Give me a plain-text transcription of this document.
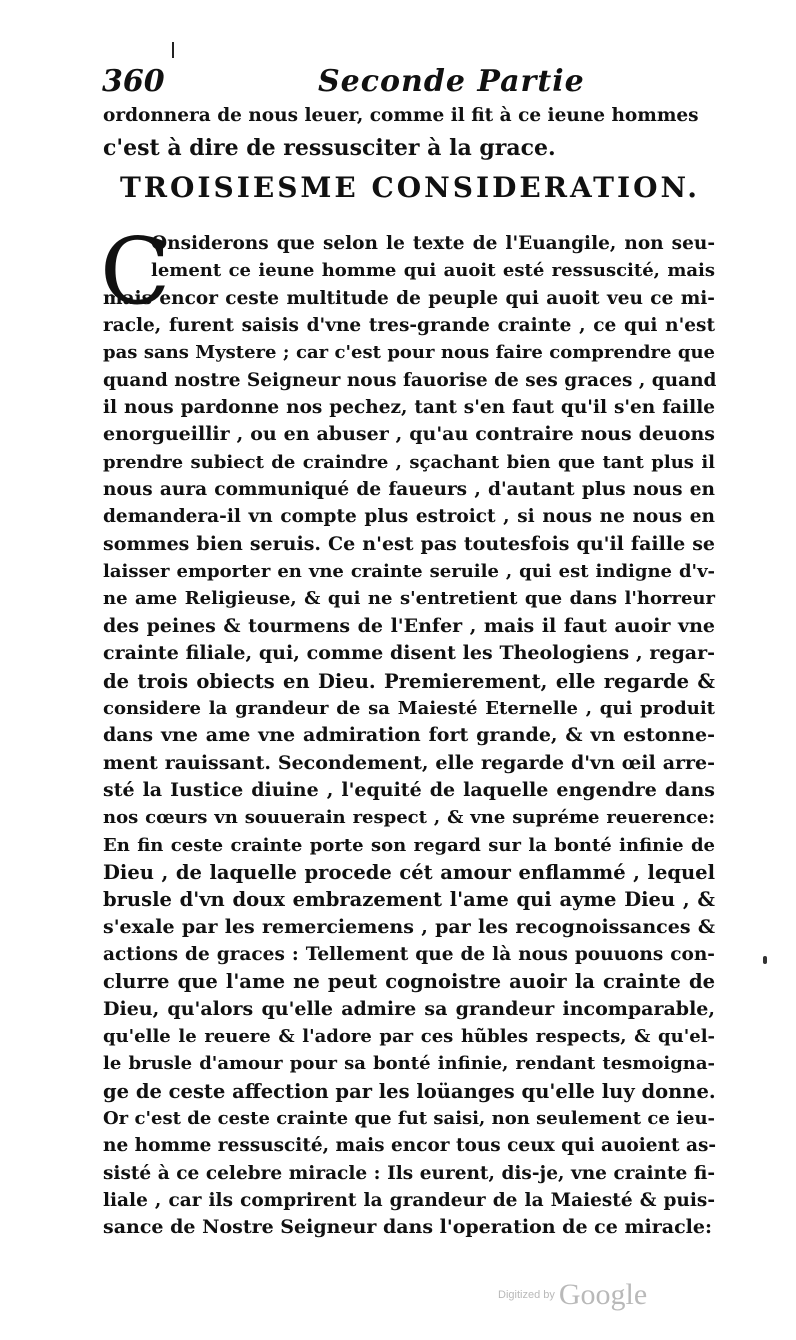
360	Seconde Partie
ordonnera de nous leuer, comme il fit à ce ieune hommes
c'est à dire de ressusciter à la grace.
TROISIESME CONSIDERATION.
C
Onsiderons que selon le texte de l'Euangile, non seu-
lement ce ieune homme qui auoit esté ressuscité, mais
mais encor ceste multitude de peuple qui auoit veu ce mi-
racle, furent saisis d'vne tres-grande crainte , ce qui n'est
pas sans Mystere ; car c'est pour nous faire comprendre que
quand nostre Seigneur nous fauorise de ses graces , quand
il nous pardonne nos pechez, tant s'en faut qu'il s'en faille
enorgueillir , ou en abuser , qu'au contraire nous deuons
prendre subiect de craindre , sçachant bien que tant plus il
nous aura communiqué de faueurs , d'autant plus nous en
demandera-il vn compte plus estroict , si nous ne nous en
sommes bien seruis. Ce n'est pas toutesfois qu'il faille se
laisser emporter en vne crainte seruile , qui est indigne d'v-
ne ame Religieuse, & qui ne s'entretient que dans l'horreur
des peines & tourmens de l'Enfer , mais il faut auoir vne
crainte filiale, qui, comme disent les Theologiens , regar-
de trois obiects en Dieu. Premierement, elle regarde &
considere la grandeur de sa Maiesté Eternelle , qui produit
dans vne ame vne admiration fort grande, & vn estonne-
ment rauissant. Secondement, elle regarde d'vn œil arre-
sté la Iustice diuine , l'equité de laquelle engendre dans
nos cœurs vn souuerain respect , & vne supréme reuerence:
En fin ceste crainte porte son regard sur la bonté infinie de
Dieu , de laquelle procede cét amour enflammé , lequel
brusle d'vn doux embrazement l'ame qui ayme Dieu , &
s'exale par les remerciemens , par les recognoissances &
actions de graces : Tellement que de là nous pouuons con-
clurre que l'ame ne peut cognoistre auoir la crainte de
Dieu, qu'alors qu'elle admire sa grandeur incomparable,
qu'elle le reuere & l'adore par ces hũbles respects, & qu'el-
le brusle d'amour pour sa bonté infinie, rendant tesmoigna-
ge de ceste affection par les loüanges qu'elle luy donne.
Or c'est de ceste crainte que fut saisi, non seulement ce ieu-
ne homme ressuscité, mais encor tous ceux qui auoient as-
sisté à ce celebre miracle : Ils eurent, dis-je, vne crainte fi-
liale , car ils comprirent la grandeur de la Maiesté & puis-
sance de Nostre Seigneur dans l'operation de ce miracle:
Digitized by Google
